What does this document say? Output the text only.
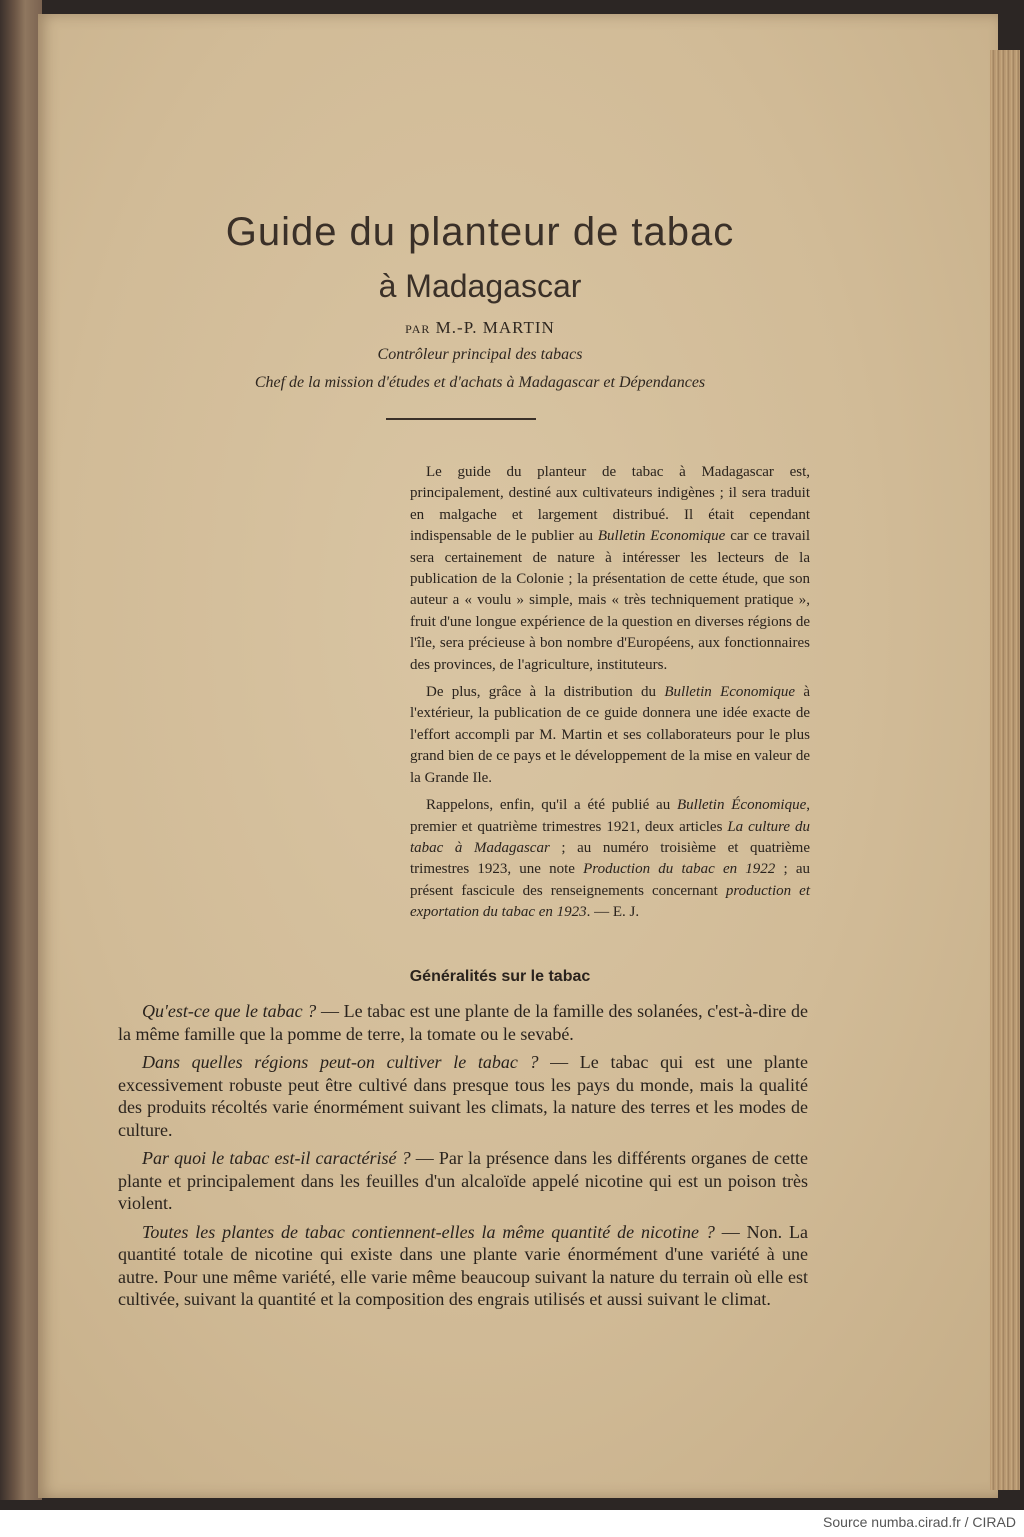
Guide du planteur de tabac
à Madagascar
PAR M.-P. MARTIN
Contrôleur principal des tabacs
Chef de la mission d'études et d'achats à Madagascar et Dépendances

Le guide du planteur de tabac à Madagascar est, principalement, destiné aux cultivateurs indigènes ; il sera traduit en malgache et largement distribué. Il était cependant indispensable de le publier au Bulletin Economique car ce travail sera certainement de nature à intéresser les lecteurs de la publication de la Colonie ; la présentation de cette étude, que son auteur a « voulu » simple, mais « très techniquement pratique », fruit d'une longue expérience de la question en diverses régions de l'île, sera précieuse à bon nombre d'Européens, aux fonctionnaires des provinces, de l'agriculture, instituteurs.

De plus, grâce à la distribution du Bulletin Economique à l'extérieur, la publication de ce guide donnera une idée exacte de l'effort accompli par M. Martin et ses collaborateurs pour le plus grand bien de ce pays et le développement de la mise en valeur de la Grande Ile.

Rappelons, enfin, qu'il a été publié au Bulletin Économique, premier et quatrième trimestres 1921, deux articles La culture du tabac à Madagascar ; au numéro troisième et quatrième trimestres 1923, une note Production du tabac en 1922 ; au présent fascicule des renseignements concernant production et exportation du tabac en 1923. — E. J.

Généralités sur le tabac

Qu'est-ce que le tabac ? — Le tabac est une plante de la famille des solanées, c'est-à-dire de la même famille que la pomme de terre, la tomate ou le sevabé.

Dans quelles régions peut-on cultiver le tabac ? — Le tabac qui est une plante excessivement robuste peut être cultivé dans presque tous les pays du monde, mais la qualité des produits récoltés varie énormément suivant les climats, la nature des terres et les modes de culture.

Par quoi le tabac est-il caractérisé ? — Par la présence dans les différents organes de cette plante et principalement dans les feuilles d'un alcaloïde appelé nicotine qui est un poison très violent.

Toutes les plantes de tabac contiennent-elles la même quantité de nicotine ? — Non. La quantité totale de nicotine qui existe dans une plante varie énormément d'une variété à une autre. Pour une même variété, elle varie même beaucoup suivant la nature du terrain où elle est cultivée, suivant la quantité et la composition des engrais utilisés et aussi suivant le climat.

Source numba.cirad.fr / CIRAD
